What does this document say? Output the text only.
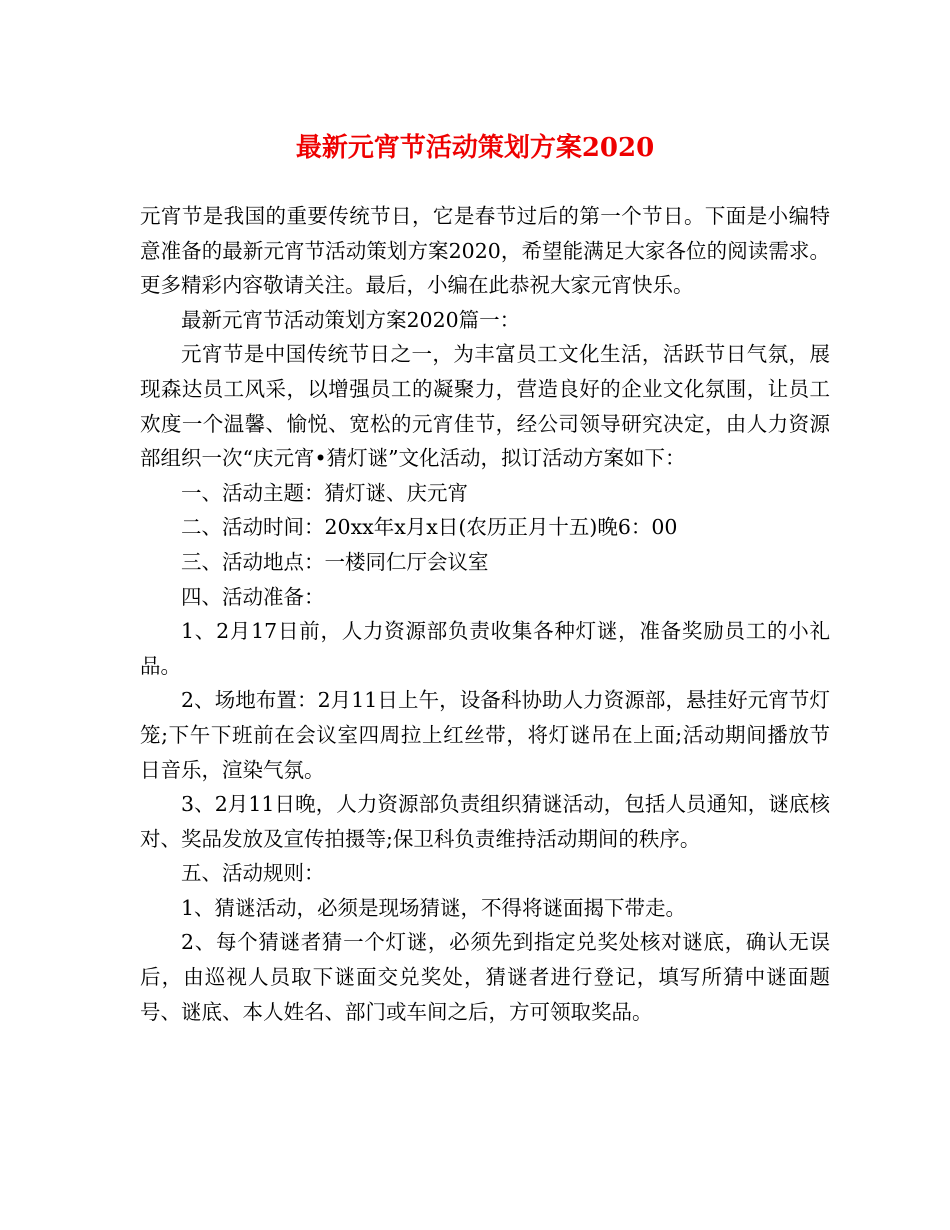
最新元宵节活动策划方案2020

元宵节是我国的重要传统节日，它是春节过后的第一个节日。下面是小编特意准备的最新元宵节活动策划方案2020，希望能满足大家各位的阅读需求。更多精彩内容敬请关注。最后，小编在此恭祝大家元宵快乐。

最新元宵节活动策划方案2020篇一：

元宵节是中国传统节日之一，为丰富员工文化生活，活跃节日气氛，展现森达员工风采，以增强员工的凝聚力，营造良好的企业文化氛围，让员工欢度一个温馨、愉悦、宽松的元宵佳节，经公司领导研究决定，由人力资源部组织一次“庆元宵•猜灯谜”文化活动，拟订活动方案如下：

一、活动主题：猜灯谜、庆元宵

二、活动时间：20xx年x月x日(农历正月十五)晚6：00

三、活动地点：一楼同仁厅会议室

四、活动准备：

1、2月17日前，人力资源部负责收集各种灯谜，准备奖励员工的小礼品。

2、场地布置：2月11日上午，设备科协助人力资源部，悬挂好元宵节灯笼;下午下班前在会议室四周拉上红丝带，将灯谜吊在上面;活动期间播放节日音乐，渲染气氛。

3、2月11日晚，人力资源部负责组织猜谜活动，包括人员通知，谜底核对、奖品发放及宣传拍摄等;保卫科负责维持活动期间的秩序。

五、活动规则：

1、猜谜活动，必须是现场猜谜，不得将谜面揭下带走。

2、每个猜谜者猜一个灯谜，必须先到指定兑奖处核对谜底，确认无误后，由巡视人员取下谜面交兑奖处，猜谜者进行登记，填写所猜中谜面题号、谜底、本人姓名、部门或车间之后，方可领取奖品。
